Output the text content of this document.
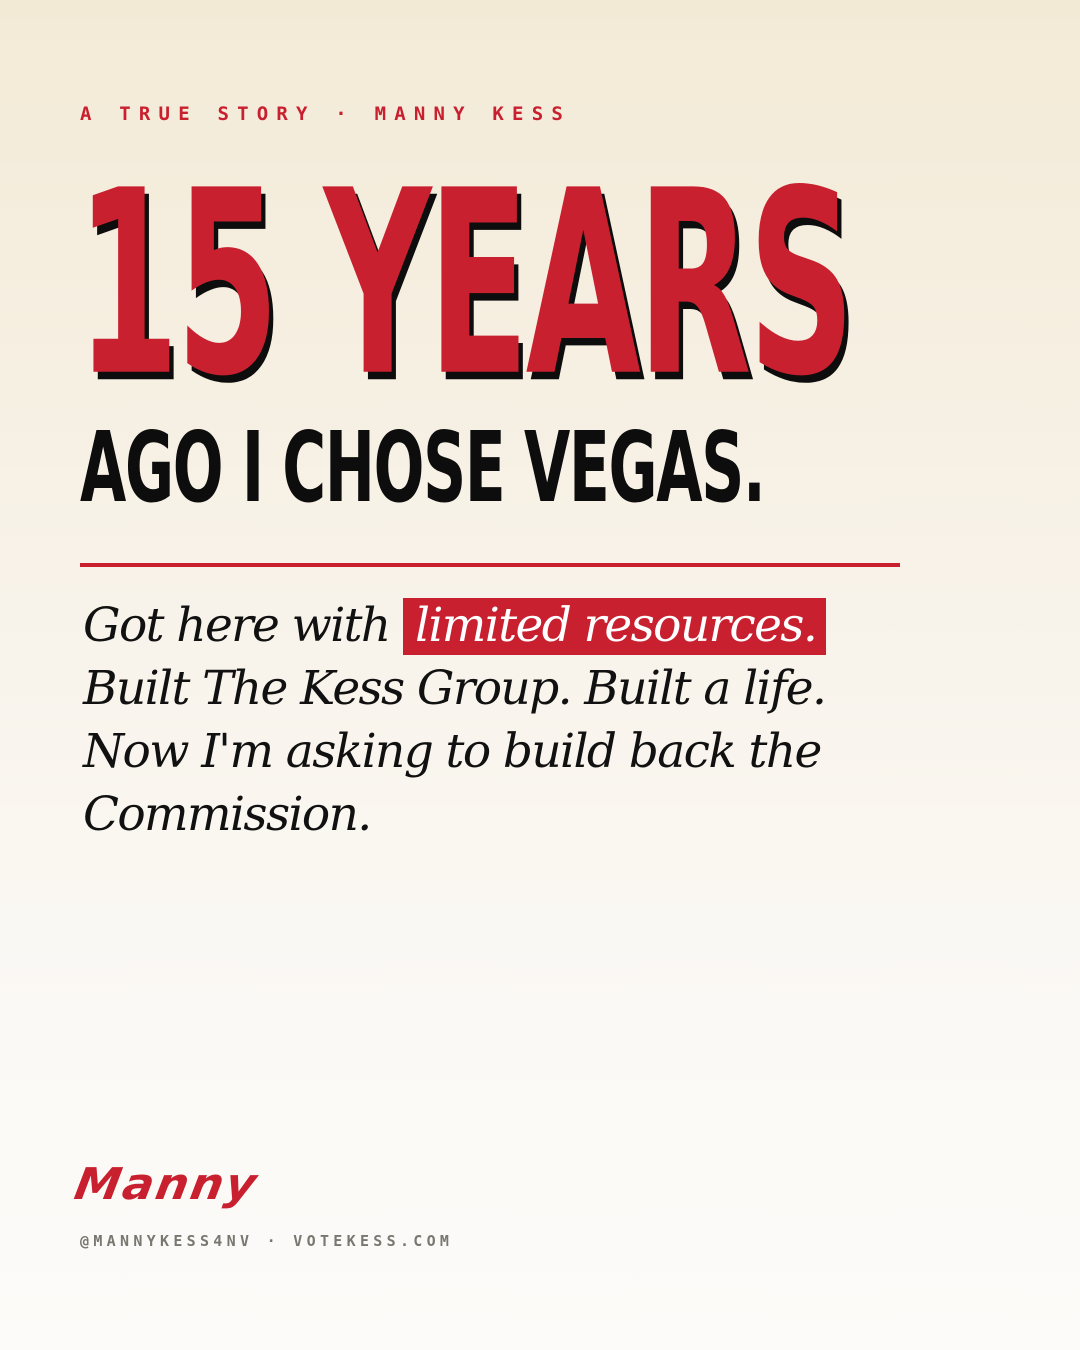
A TRUE STORY · MANNY KESS
15 YEARS
AGO I CHOSE VEGAS.
Got here with limited resources.
Built The Kess Group. Built a life.
Now I'm asking to build back the
Commission.
Manny
@MANNYKESS4NV · VOTEKESS.COM
